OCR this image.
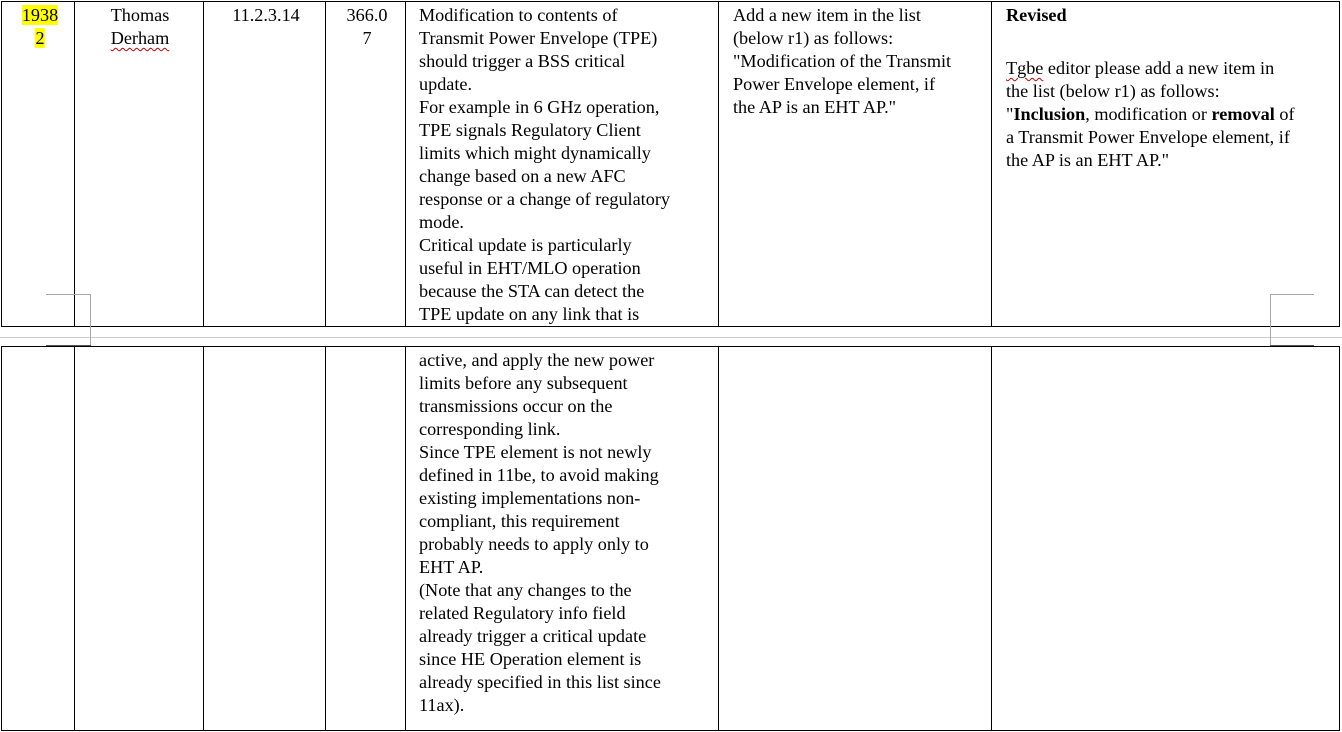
1938
2
Thomas
Derham
11.2.3.14	366.0
7
Modification to contents of
Transmit Power Envelope (TPE)
should trigger a BSS critical
update.
For example in 6 GHz operation,
TPE signals Regulatory Client
limits which might dynamically
change based on a new AFC
response or a change of regulatory
mode.
Critical update is particularly
useful in EHT/MLO operation
because the STA can detect the
TPE update on any link that is
Add a new item in the list
(below r1) as follows:
"Modification of the Transmit
Power Envelope element, if
the AP is an EHT AP."
Revised
Tgbe editor please add a new item in
the list (below r1) as follows:
"Inclusion, modification or removal of
a Transmit Power Envelope element, if
the AP is an EHT AP."
active, and apply the new power
limits before any subsequent
transmissions occur on the
corresponding link.
Since TPE element is not newly
defined in 11be, to avoid making
existing implementations non-
compliant, this requirement
probably needs to apply only to
EHT AP.
(Note that any changes to the
related Regulatory info field
already trigger a critical update
since HE Operation element is
already specified in this list since
11ax).
